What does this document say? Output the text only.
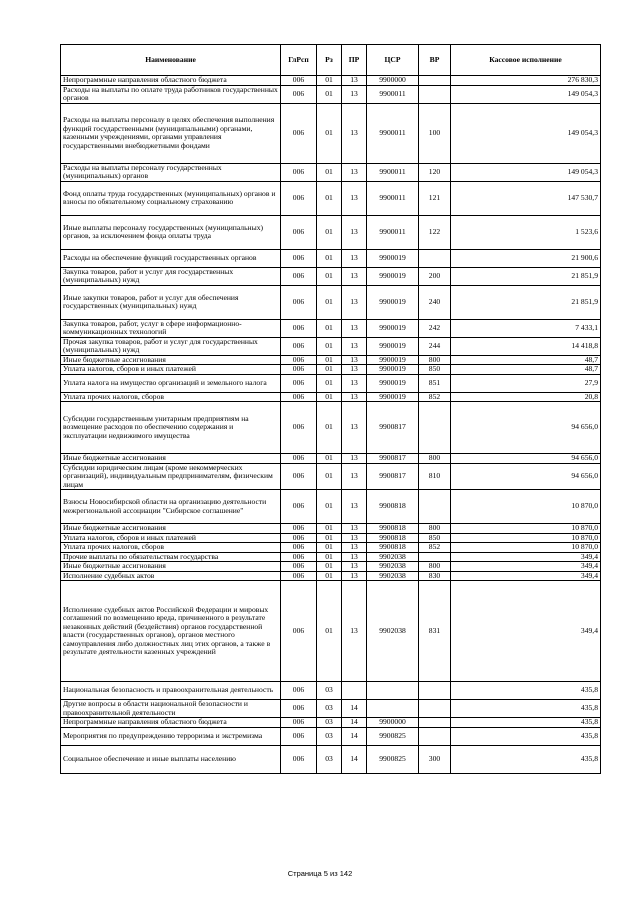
Наименование	ГлРсп	Рз	ПР	ЦСР	ВР	Кассовое исполнение
Непрограммные направления областного бюджета	006	01	13	9900000		276 830,3
Расходы на выплаты по оплате труда работников государственных органов	006	01	13	9900011		149 054,3
Расходы на выплаты персоналу в целях обеспечения выполнения функций государственными (муниципальными) органами, казенными учреждениями, органами управления государственными внебюджетными фондами	006	01	13	9900011	100	149 054,3
Расходы на выплаты персоналу государственных (муниципальных) органов	006	01	13	9900011	120	149 054,3
Фонд оплаты труда государственных (муниципальных) органов и взносы по обязательному социальному страхованию	006	01	13	9900011	121	147 530,7
Иные выплаты персоналу государственных (муниципальных) органов, за исключением фонда оплаты труда	006	01	13	9900011	122	1 523,6
Расходы на обеспечение функций государственных органов	006	01	13	9900019		21 900,6
Закупка товаров, работ и услуг для государственных (муниципальных) нужд	006	01	13	9900019	200	21 851,9
Иные закупки товаров, работ и услуг для обеспечения государственных (муниципальных) нужд	006	01	13	9900019	240	21 851,9
Закупка товаров, работ, услуг в сфере информационно-коммуникационных технологий	006	01	13	9900019	242	7 433,1
Прочая закупка товаров, работ и услуг для государственных (муниципальных) нужд	006	01	13	9900019	244	14 418,8
Иные бюджетные ассигнования	006	01	13	9900019	800	48,7
Уплата налогов, сборов и иных платежей	006	01	13	9900019	850	48,7
Уплата налога на имущество организаций и земельного налога	006	01	13	9900019	851	27,9
Уплата прочих налогов, сборов	006	01	13	9900019	852	20,8
Субсидии государственным унитарным предприятиям на возмещение расходов по обеспечению содержания и эксплуатации недвижимого имущества	006	01	13	9900817		94 656,0
Иные бюджетные ассигнования	006	01	13	9900817	800	94 656,0
Субсидии юридическим лицам (кроме некоммерческих организаций), индивидуальным предпринимателям, физическим лицам	006	01	13	9900817	810	94 656,0
Взносы Новосибирской области на организацию деятельности межрегиональной ассоциации "Сибирское соглашение"	006	01	13	9900818		10 870,0
Иные бюджетные ассигнования	006	01	13	9900818	800	10 870,0
Уплата налогов, сборов и иных платежей	006	01	13	9900818	850	10 870,0
Уплата прочих налогов, сборов	006	01	13	9900818	852	10 870,0
Прочие выплаты по обязательствам государства	006	01	13	9902038		349,4
Иные бюджетные ассигнования	006	01	13	9902038	800	349,4
Исполнение судебных актов	006	01	13	9902038	830	349,4
Исполнение судебных актов Российской Федерации и мировых соглашений по возмещению вреда, причиненного в результате незаконных действий (бездействия) органов государственной власти (государственных органов), органов местного самоуправления либо должностных лиц этих органов, а также в результате деятельности казенных учреждений	006	01	13	9902038	831	349,4
Национальная безопасность и правоохранительная деятельность	006	03				435,8
Другие вопросы в области национальной безопасности и правоохранительной деятельности	006	03	14			435,8
Непрограммные направления областного бюджета	006	03	14	9900000		435,8
Мероприятия по предупреждению терроризма и экстремизма	006	03	14	9900825		435,8
Социальное обеспечение и иные выплаты населению	006	03	14	9900825	300	435,8
Страница 5 из 142
